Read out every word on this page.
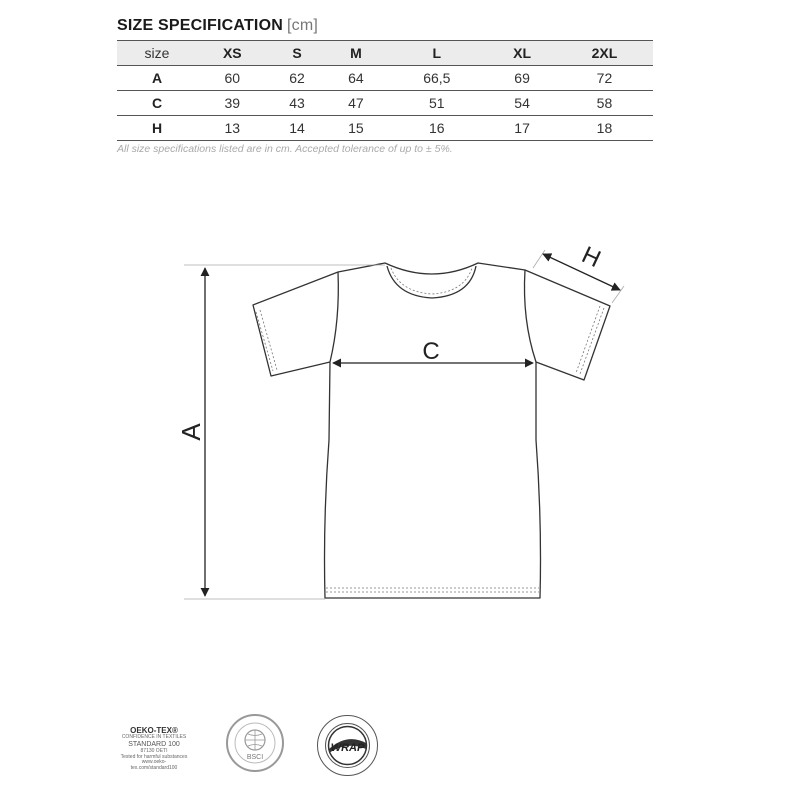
SIZE SPECIFICATION [cm]
size	XS	S	M	L	XL	2XL
A	60	62	64	66,5	69	72
C	39	43	47	51	54	58
H	13	14	15	16	17	18
All size specifications listed are in cm. Accepted tolerance of up to ± 5%.
A
C
H
OEKO-TEX®
CONFIDENCE IN TEXTILES
STANDARD 100
87130 OETI
Tested for harmful substances
www.oeko-tex.com/standard100
BSCI
WRAP
